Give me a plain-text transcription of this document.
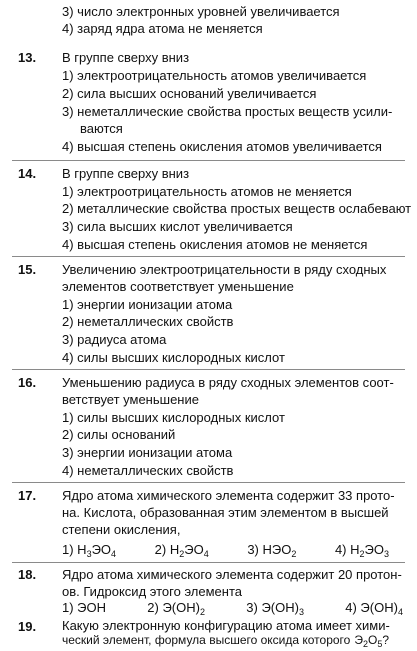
3) число электронных уровней увеличивается
4) заряд ядра атома не меняется
13. В группе сверху вниз
1) электроотрицательность атомов увеличивается
2) сила высших оснований увеличивается
3) неметаллические свойства простых веществ усили-
ваются
4) высшая степень окисления атомов увеличивается
14. В группе сверху вниз
1) электроотрицательность атомов не меняется
2) металлические свойства простых веществ ослабевают
3) сила высших кислот увеличивается
4) высшая степень окисления атомов не меняется
15. Увеличению электроотрицательности в ряду сходных
элементов соответствует уменьшение
1) энергии ионизации атома
2) неметаллических свойств
3) радиуса атома
4) силы высших кислородных кислот
16. Уменьшению радиуса в ряду сходных элементов соот-
ветствует уменьшение
1) силы высших кислородных кислот
2) силы оснований
3) энергии ионизации атома
4) неметаллических свойств
17. Ядро атома химического элемента содержит 33 прото-
на. Кислота, образованная этим элементом в высшей
степени окисления,
1) $H_3ЭO_4$	2) $H_2ЭO_4$	3) $HЭO_2$	4) $H_2ЭO_3$
18. Ядро атома химического элемента содержит 20 протон-
ов. Гидроксид этого элемента
1) ЭOH	2) $Э(OH)_2$	3) $Э(OH)_3$	4) $Э(OH)_4$
19. Какую электронную конфигурацию атома имеет хими-
ческий элемент, формула высшего оксида которого $Э_2O_5$?
